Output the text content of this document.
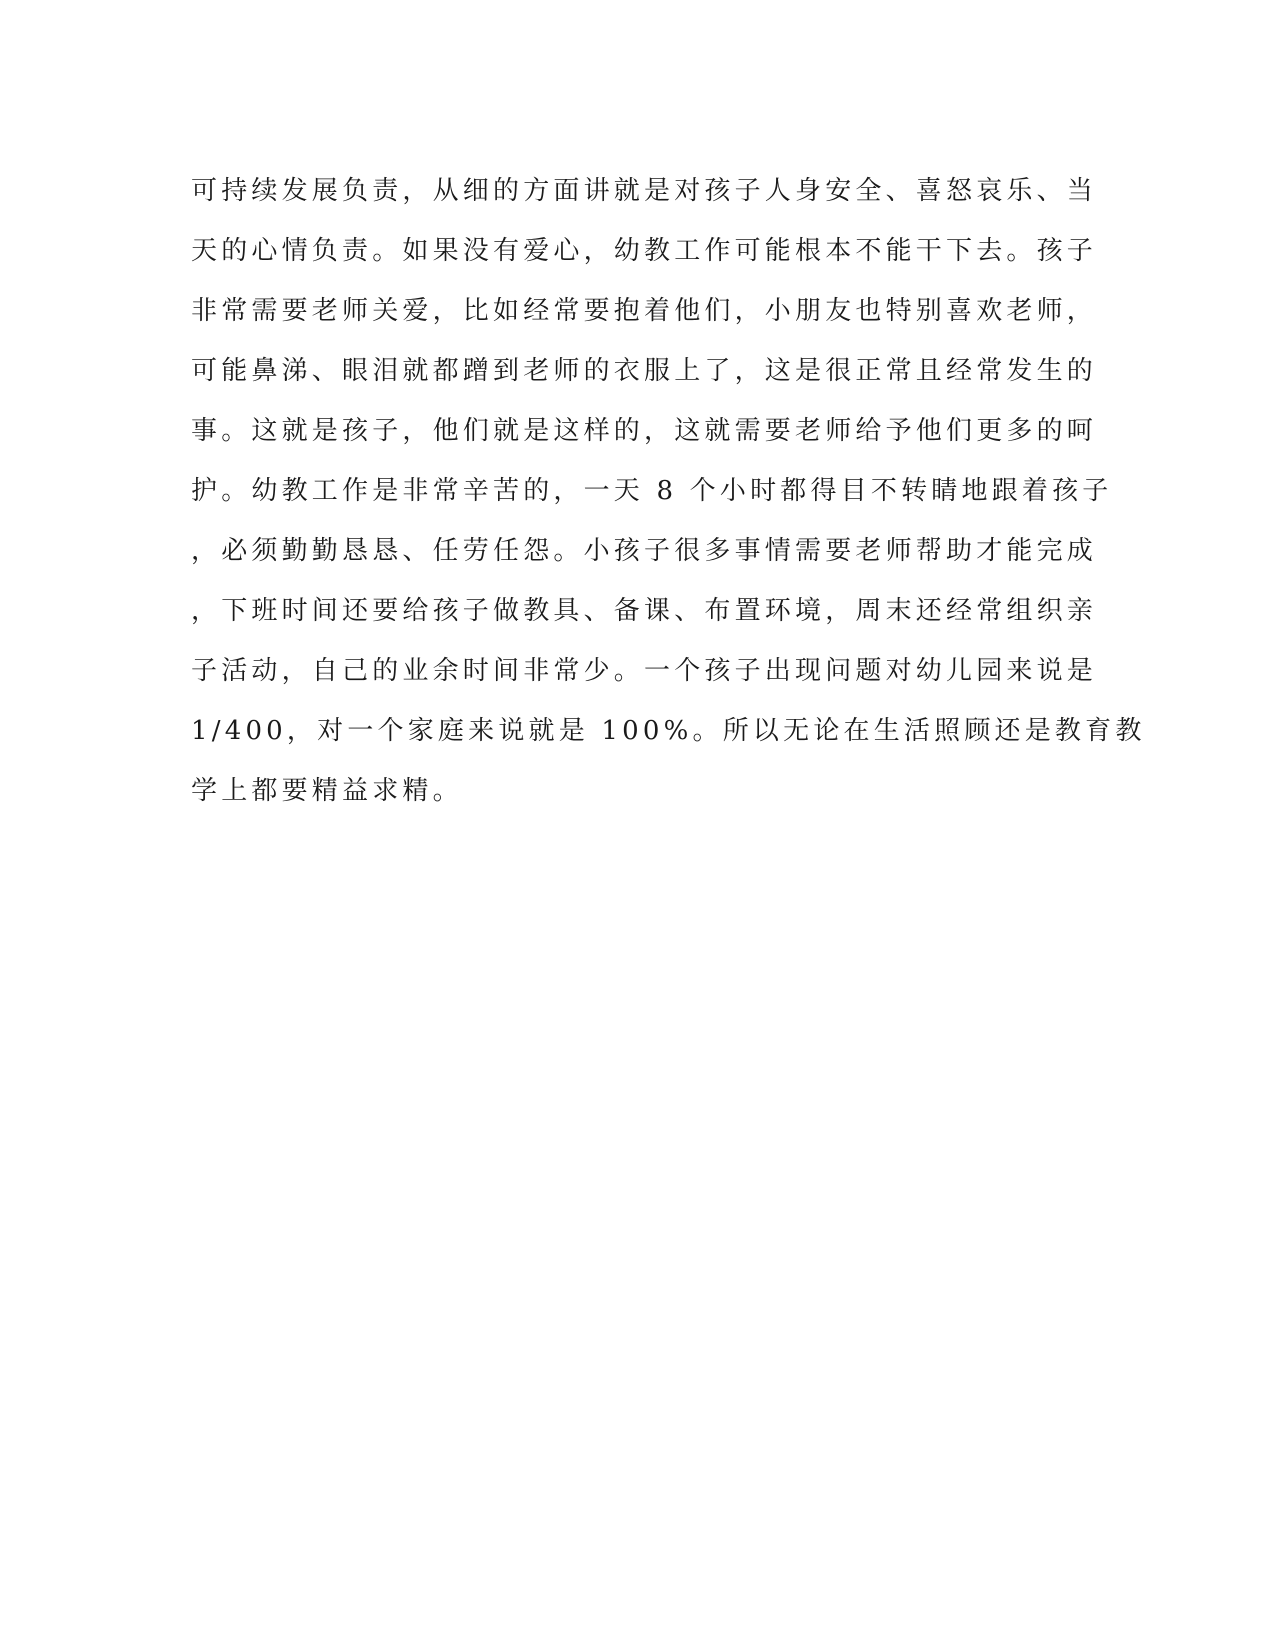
可持续发展负责，从细的方面讲就是对孩子人身安全、喜怒哀乐、当
天的心情负责。如果没有爱心，幼教工作可能根本不能干下去。孩子
非常需要老师关爱，比如经常要抱着他们，小朋友也特别喜欢老师，
可能鼻涕、眼泪就都蹭到老师的衣服上了，这是很正常且经常发生的
事。这就是孩子，他们就是这样的，这就需要老师给予他们更多的呵
护。幼教工作是非常辛苦的，一天 8 个小时都得目不转睛地跟着孩子
，必须勤勤恳恳、任劳任怨。小孩子很多事情需要老师帮助才能完成
，下班时间还要给孩子做教具、备课、布置环境，周末还经常组织亲
子活动，自己的业余时间非常少。一个孩子出现问题对幼儿园来说是
1/400，对一个家庭来说就是 100%。所以无论在生活照顾还是教育教
学上都要精益求精。
